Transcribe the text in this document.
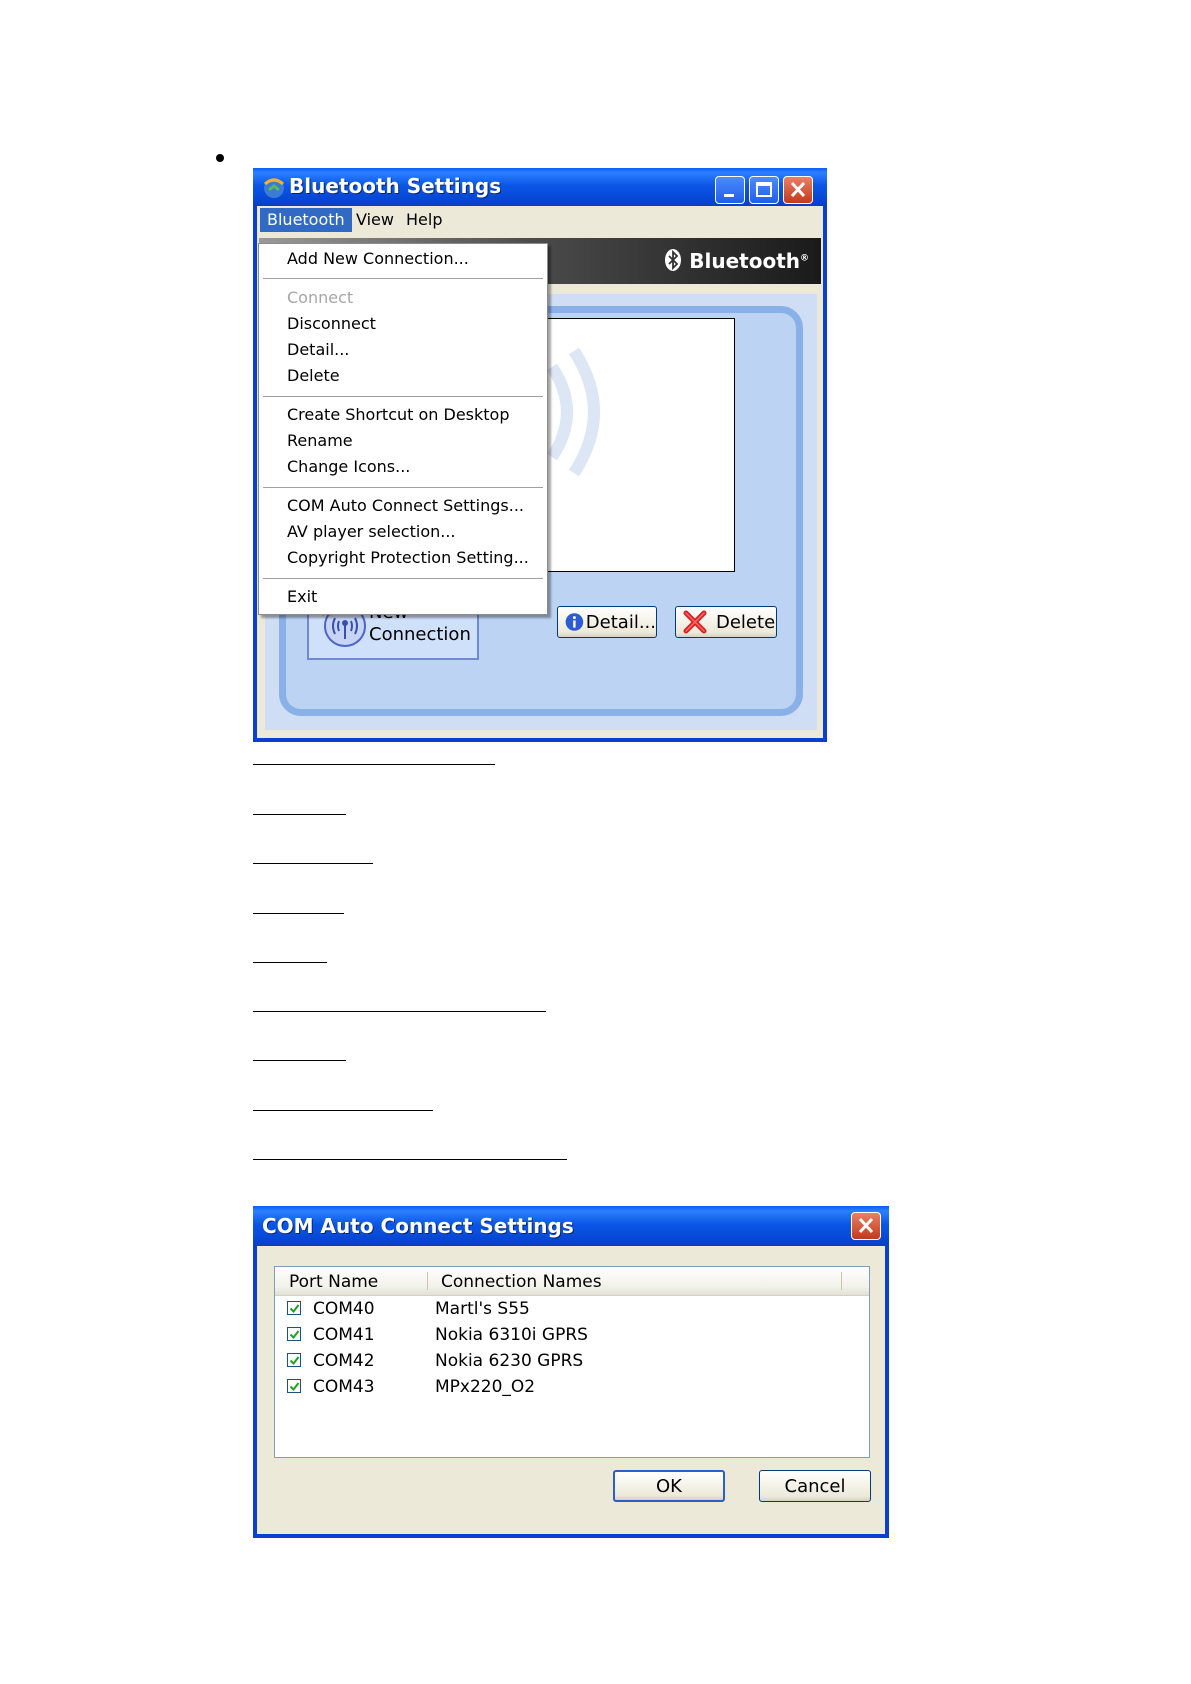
Bluetooth Settings
Bluetooth View Help
Bluetooth®
Connection
Detail...	Delete
Add New Connection...
Connect
Disconnect
Detail...
Delete
Create Shortcut on Desktop
Rename
Change Icons...
COM Auto Connect Settings...
AV player selection...
Copyright Protection Setting...
Exit
COM Auto Connect Settings
Port Name	Connection Names
COM40	Martl's S55
COM41	Nokia 6310i GPRS
COM42	Nokia 6230 GPRS
COM43	MPx220_O2
OK	Cancel
